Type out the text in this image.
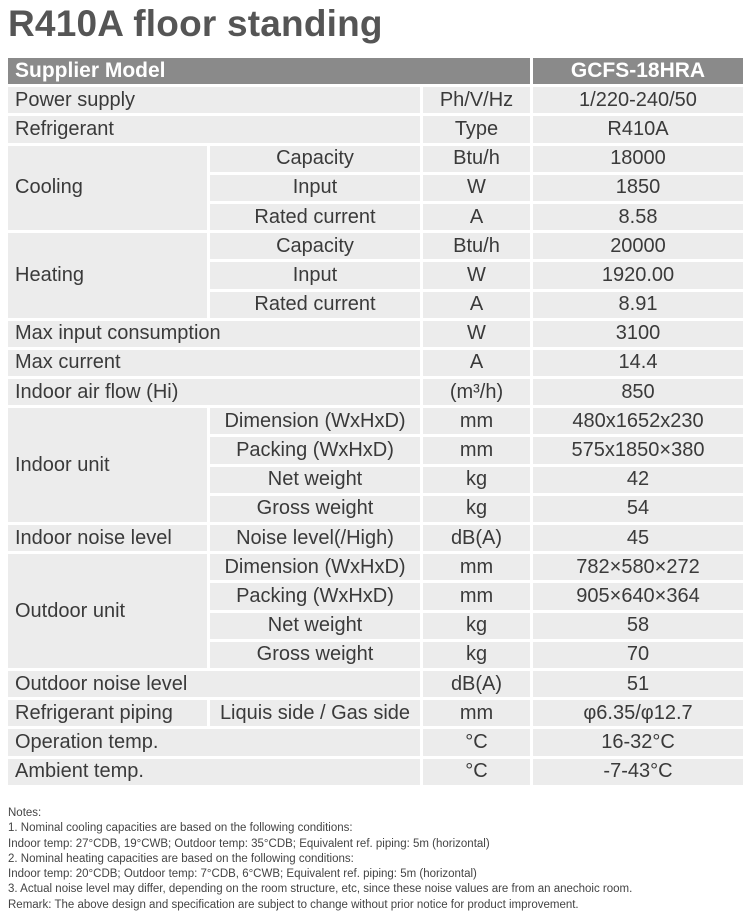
R410A floor standing
Supplier Model	GCFS-18HRA
Power supply	Ph/V/Hz	1/220-240/50
Refrigerant	Type	R410A
Cooling
Capacity	Btu/h	18000
Input	W	1850
Rated current	A	8.58
Heating
Capacity	Btu/h	20000
Input	W	1920.00
Rated current	A	8.91
Max input consumption	W	3100
Max current	A	14.4
Indoor air flow (Hi)	(m³/h)	850
Indoor unit
Dimension (WxHxD)	mm	480x1652x230
Packing (WxHxD)	mm	575x1850×380
Net weight	kg	42
Gross weight	kg	54
Indoor noise level	Noise level(/High)	dB(A)	45
Outdoor unit
Dimension (WxHxD)	mm	782×580×272
Packing (WxHxD)	mm	905×640×364
Net weight	kg	58
Gross weight	kg	70
Outdoor noise level	dB(A)	51
Refrigerant piping	Liquis side / Gas side	mm	φ6.35/φ12.7
Operation temp.	°C	16-32°C
Ambient temp.	°C	-7-43°C
Notes:
1. Nominal cooling capacities are based on the following conditions:
Indoor temp: 27°CDB, 19°CWB; Outdoor temp: 35°CDB; Equivalent ref. piping: 5m (horizontal)
2. Nominal heating capacities are based on the following conditions:
Indoor temp: 20°CDB; Outdoor temp: 7°CDB, 6°CWB; Equivalent ref. piping: 5m (horizontal)
3. Actual noise level may differ, depending on the room structure, etc, since these noise values are from an anechoic room.
Remark: The above design and specification are subject to change without prior notice for product improvement.
